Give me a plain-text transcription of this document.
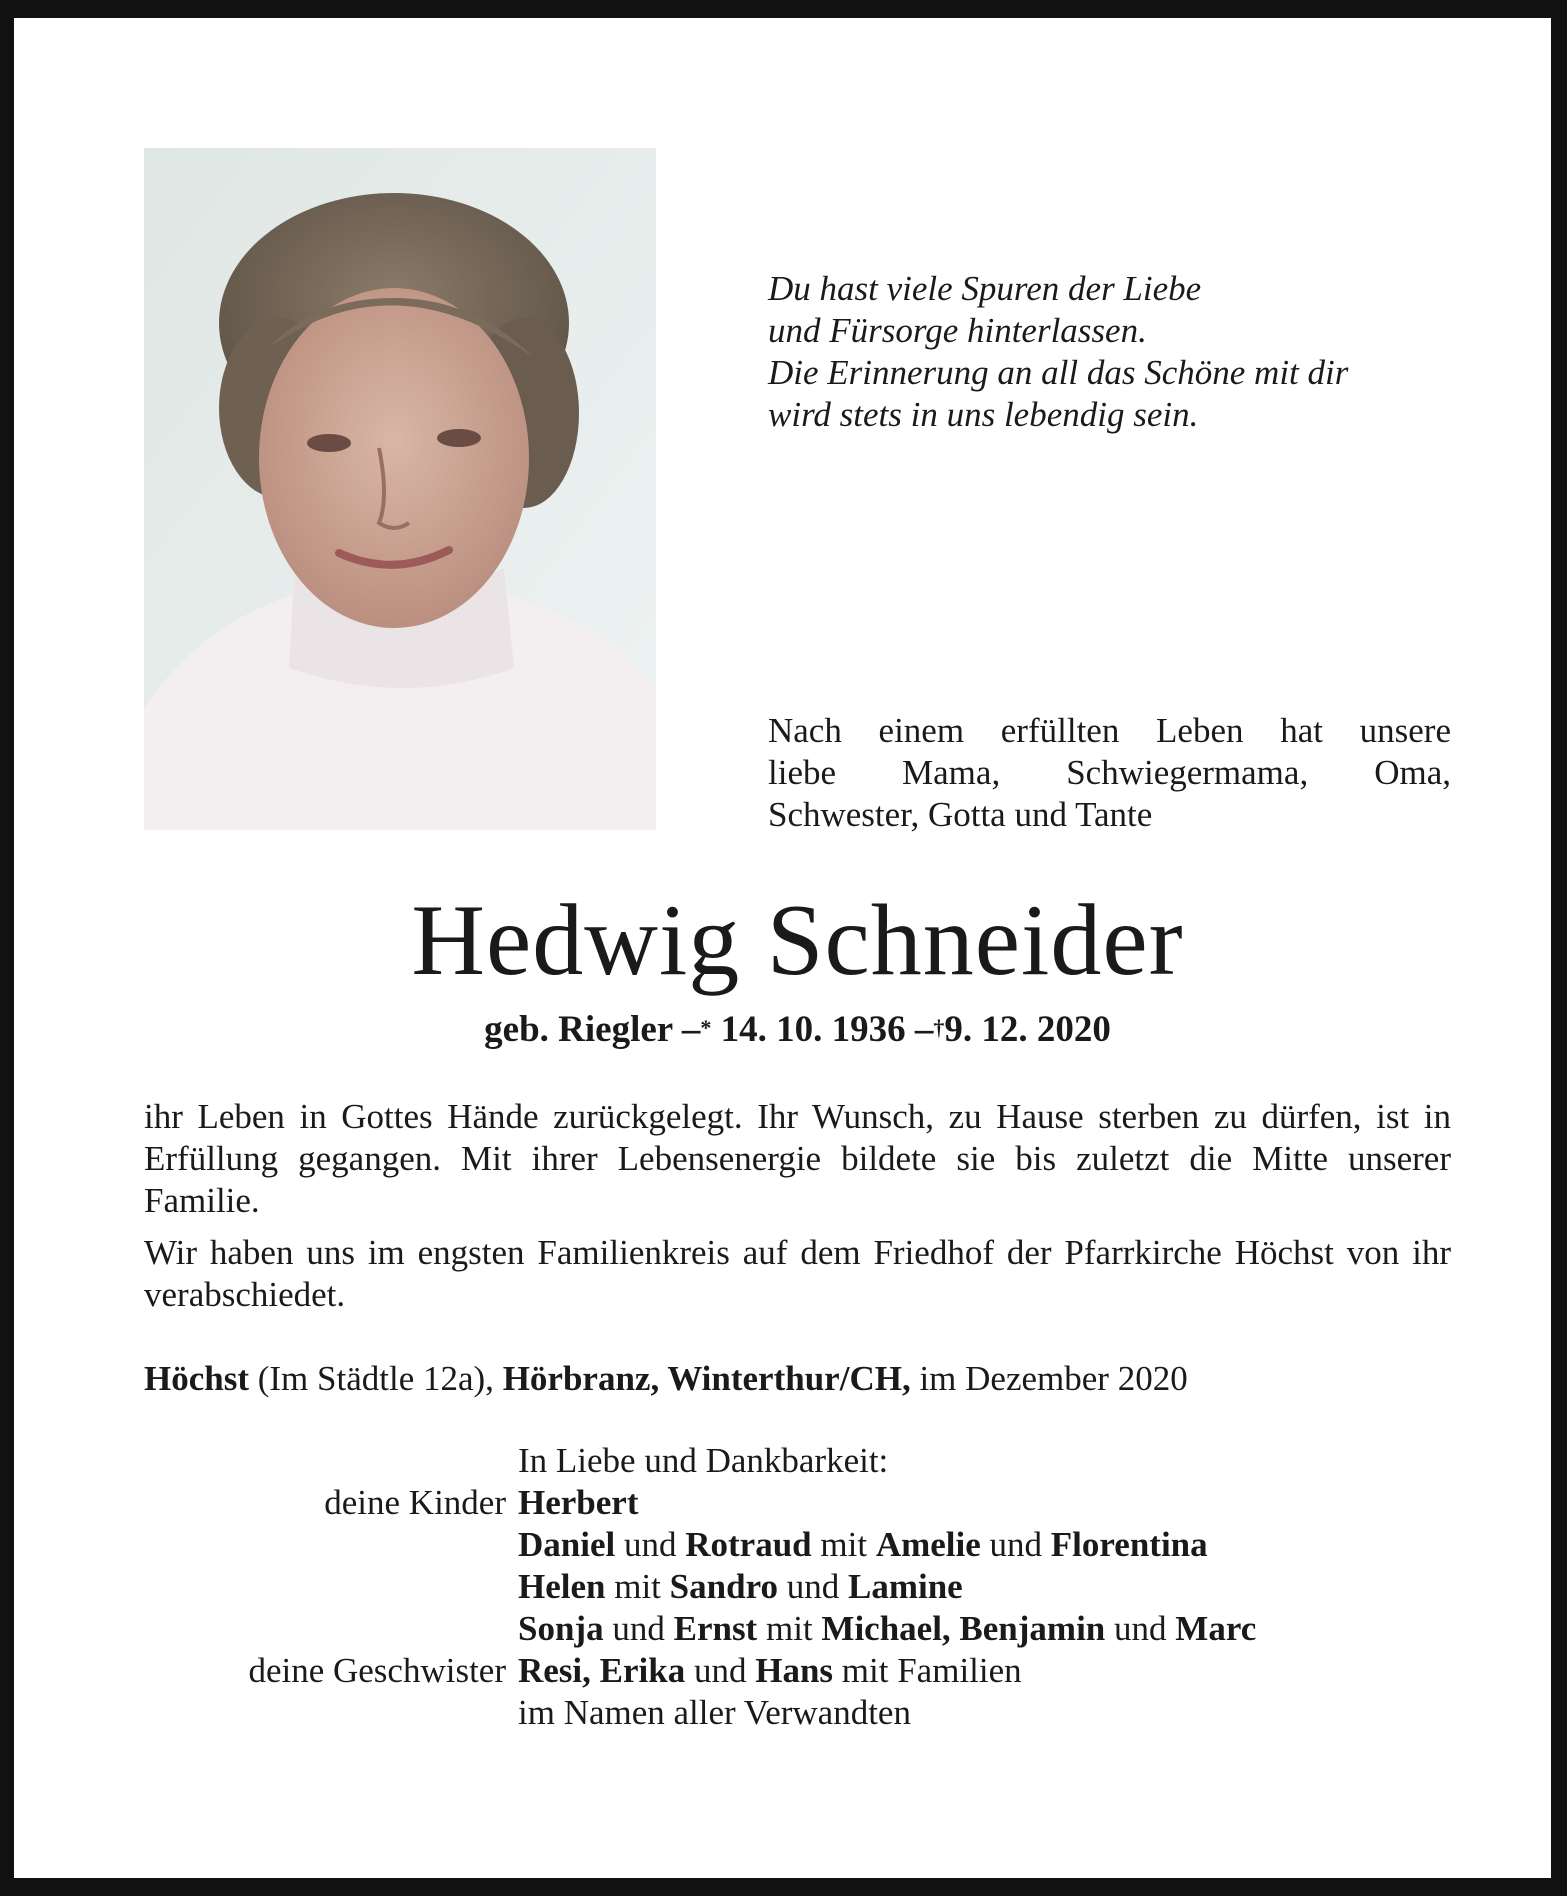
Du hast viele Spuren der Liebe
und Fürsorge hinterlassen.
Die Erinnerung an all das Schöne mit dir
wird stets in uns lebendig sein.
Nach einem erfüllten Leben hat unsere
liebe Mama, Schwiegermama, Oma,
Schwester, Gotta und Tante
Hedwig Schneider
geb. Riegler –* 14. 10. 1936 –†9. 12. 2020

ihr Leben in Gottes Hände zurückgelegt. Ihr Wunsch, zu Hause sterben zu dürfen, ist in Erfüllung gegangen. Mit ihrer Lebensenergie bildete sie bis zuletzt die Mitte unserer Familie.

Wir haben uns im engsten Familienkreis auf dem Friedhof der Pfarrkirche Höchst von ihr verabschiedet.

Höchst (Im Städtle 12a), Hörbranz, Winterthur/CH, im Dezember 2020
In Liebe und Dankbarkeit:
deine Kinder Herbert
Daniel und Rotraud mit Amelie und Florentina
Helen mit Sandro und Lamine
Sonja und Ernst mit Michael, Benjamin und Marc
deine Geschwister Resi, Erika und Hans mit Familien
im Namen aller Verwandten
